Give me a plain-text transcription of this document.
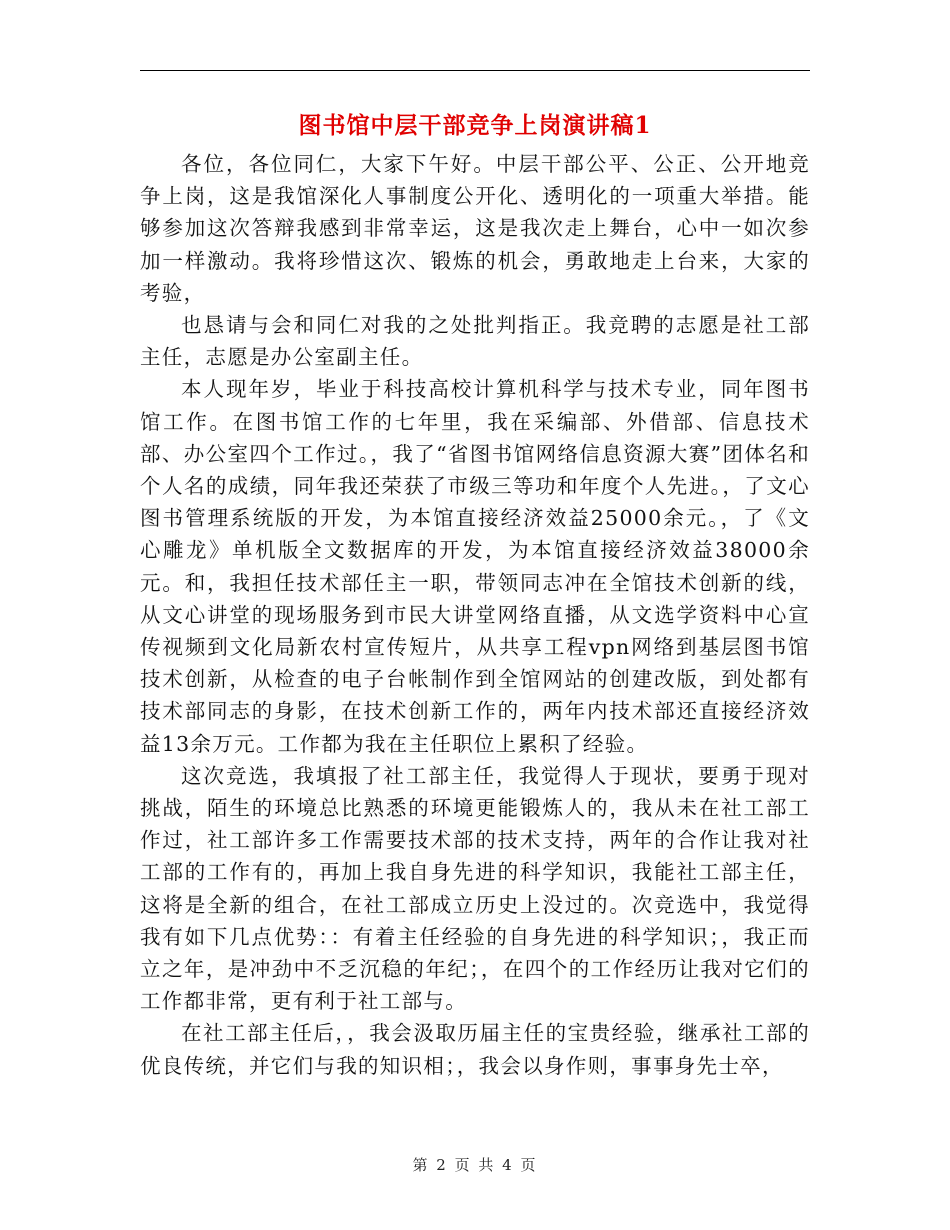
图书馆中层干部竞争上岗演讲稿1

各位，各位同仁，大家下午好。中层干部公平、公正、公开地竞争上岗，这是我馆深化人事制度公开化、透明化的一项重大举措。能够参加这次答辩我感到非常幸运，这是我次走上舞台，心中一如次参加一样激动。我将珍惜这次、锻炼的机会，勇敢地走上台来，大家的考验，

也恳请与会和同仁对我的之处批判指正。我竞聘的志愿是社工部主任，志愿是办公室副主任。

本人现年岁，毕业于科技高校计算机科学与技术专业，同年图书馆工作。在图书馆工作的七年里，我在采编部、外借部、信息技术部、办公室四个工作过。，我了“省图书馆网络信息资源大赛”团体名和个人名的成绩，同年我还荣获了市级三等功和年度个人先进。，了文心图书管理系统版的开发，为本馆直接经济效益25000余元。，了《文心雕龙》单机版全文数据库的开发，为本馆直接经济效益38000余元。和，我担任技术部任主一职，带领同志冲在全馆技术创新的线，从文心讲堂的现场服务到市民大讲堂网络直播，从文选学资料中心宣传视频到文化局新农村宣传短片，从共享工程vpn网络到基层图书馆技术创新，从检查的电子台帐制作到全馆网站的创建改版，到处都有技术部同志的身影，在技术创新工作的，两年内技术部还直接经济效益13余万元。工作都为我在主任职位上累积了经验。

这次竞选，我填报了社工部主任，我觉得人于现状，要勇于现对挑战，陌生的环境总比熟悉的环境更能锻炼人的，我从未在社工部工作过，社工部许多工作需要技术部的技术支持，两年的合作让我对社工部的工作有的，再加上我自身先进的科学知识，我能社工部主任，这将是全新的组合，在社工部成立历史上没过的。次竞选中，我觉得我有如下几点优势：：有着主任经验的自身先进的科学知识；，我正而立之年，是冲劲中不乏沉稳的年纪；，在四个的工作经历让我对它们的工作都非常，更有利于社工部与。

在社工部主任后，，我会汲取历届主任的宝贵经验，继承社工部的优良传统，并它们与我的知识相；，我会以身作则，事事身先士卒，

第 2 页 共 4 页
